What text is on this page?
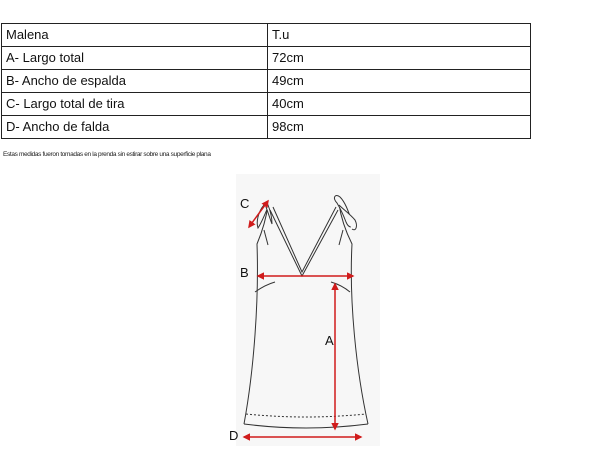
Malena	T.u
A- Largo total	72cm
B- Ancho de espalda	49cm
C- Largo total de tira	40cm
D- Ancho de falda	98cm
Estas medidas fueron tomadas en la prenda sin estirar sobre una superficie plana
C
B
A
D
